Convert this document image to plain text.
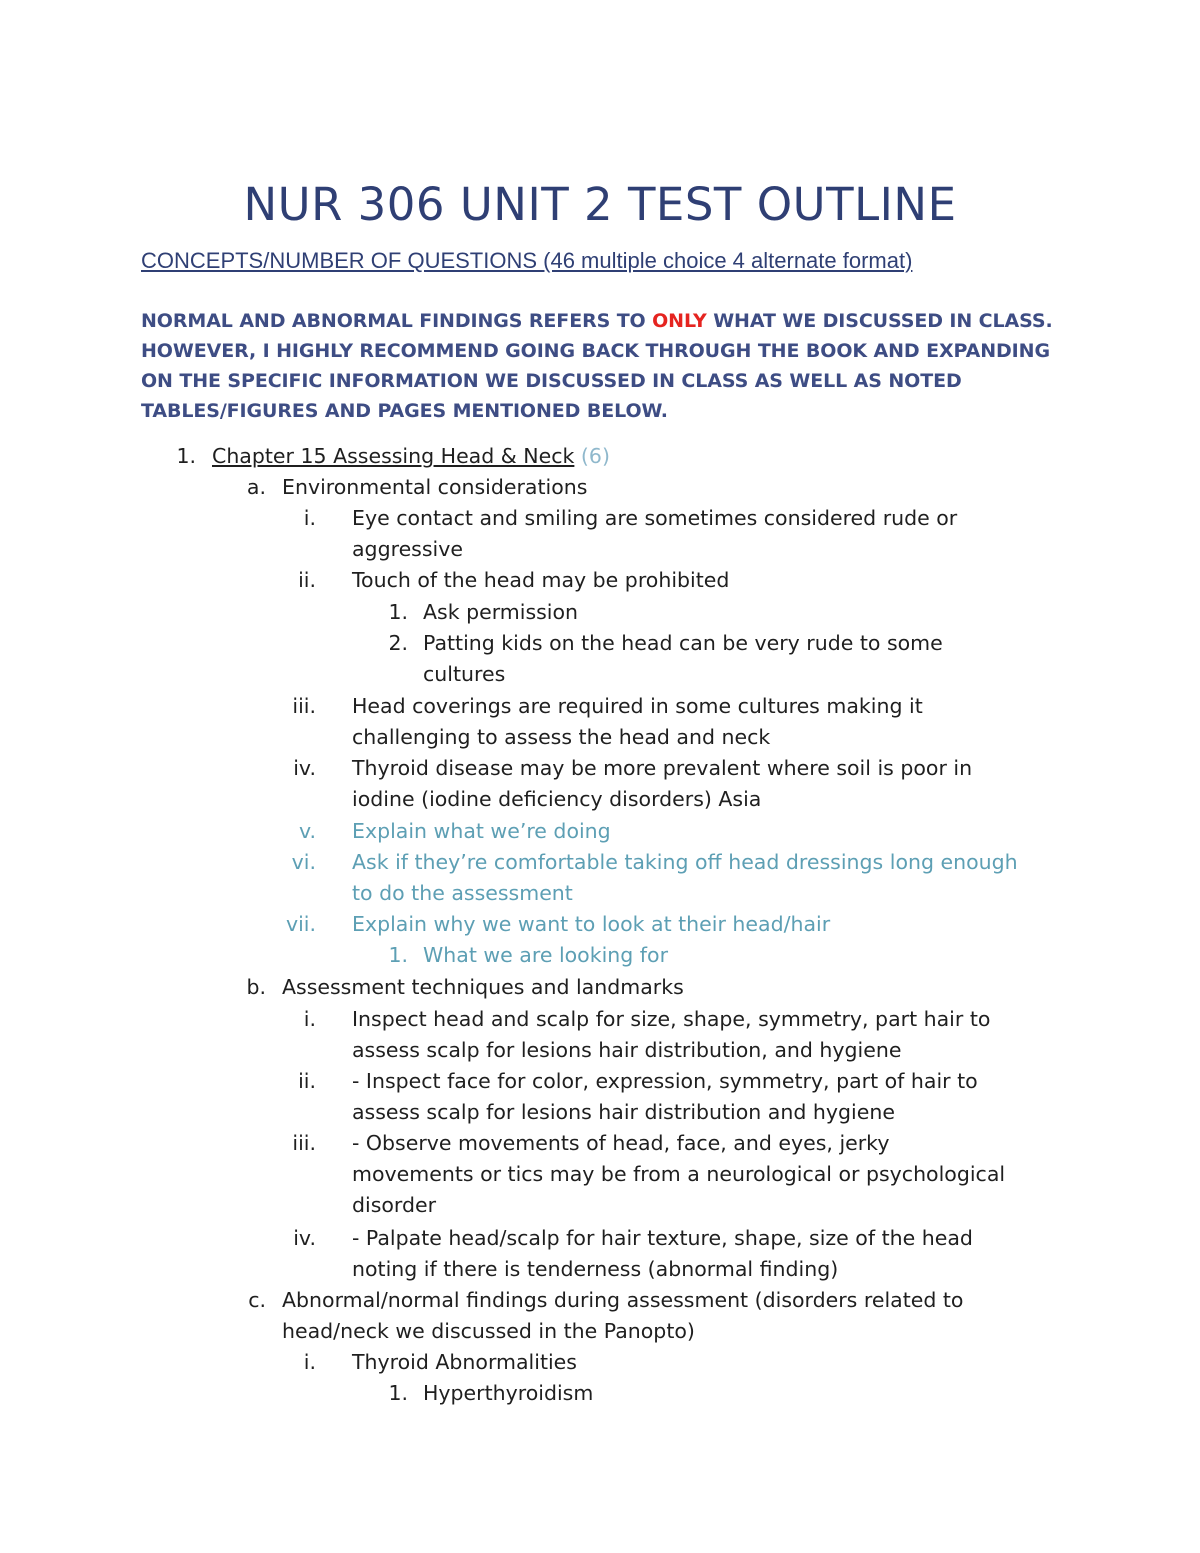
NUR 306 UNIT 2 TEST OUTLINE
CONCEPTS/NUMBER OF QUESTIONS (46 multiple choice 4 alternate format)
NORMAL AND ABNORMAL FINDINGS REFERS TO ONLY WHAT WE DISCUSSED IN CLASS. HOWEVER, I HIGHLY RECOMMEND GOING BACK THROUGH THE BOOK AND EXPANDING ON THE SPECIFIC INFORMATION WE DISCUSSED IN CLASS AS WELL AS NOTED TABLES/FIGURES AND PAGES MENTIONED BELOW.
1. Chapter 15 Assessing Head & Neck (6)
a. Environmental considerations
i. Eye contact and smiling are sometimes considered rude or
aggressive
ii. Touch of the head may be prohibited
1. Ask permission
2. Patting kids on the head can be very rude to some
cultures
iii. Head coverings are required in some cultures making it
challenging to assess the head and neck
iv. Thyroid disease may be more prevalent where soil is poor in
iodine (iodine deficiency disorders) Asia
v. Explain what we’re doing
vi. Ask if they’re comfortable taking off head dressings long enough
to do the assessment
vii. Explain why we want to look at their head/hair
1. What we are looking for
b. Assessment techniques and landmarks
i. Inspect head and scalp for size, shape, symmetry, part hair to
assess scalp for lesions hair distribution, and hygiene
ii. - Inspect face for color, expression, symmetry, part of hair to
assess scalp for lesions hair distribution and hygiene
iii. - Observe movements of head, face, and eyes, jerky
movements or tics may be from a neurological or psychological
disorder
iv. - Palpate head/scalp for hair texture, shape, size of the head
noting if there is tenderness (abnormal finding)
c. Abnormal/normal findings during assessment (disorders related to
head/neck we discussed in the Panopto)
i. Thyroid Abnormalities
1. Hyperthyroidism
